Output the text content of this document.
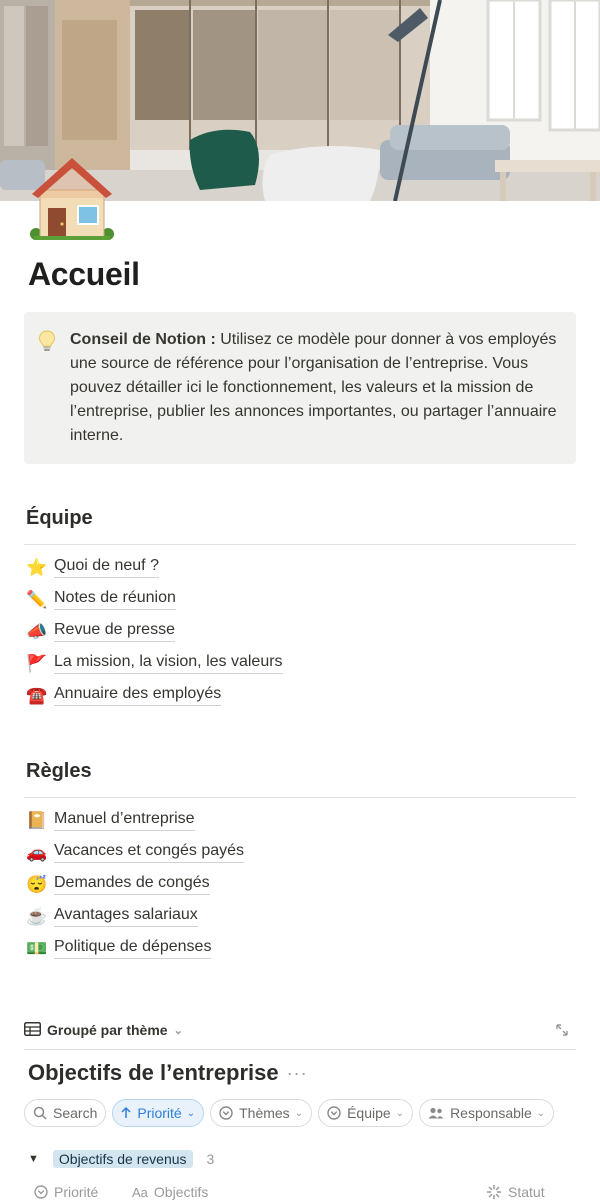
Accueil

Conseil de Notion : Utilisez ce modèle pour donner à vos employés une source de référence pour l’organisation de l’entreprise. Vous pouvez détailler ici le fonctionnement, les valeurs et la mission de l’entreprise, publier les annonces importantes, ou partager l’annuaire interne.

Équipe
⭐ Quoi de neuf ?
✏️ Notes de réunion
📣 Revue de presse
🚩 La mission, la vision, les valeurs
☎️ Annuaire des employés
Règles
📔 Manuel d’entreprise
🚗 Vacances et congés payés
😴 Demandes de congés
☕ Avantages salariaux
💵 Politique de dépenses
Groupé par thème ⌄
Objectifs de l’entreprise ···
Search	Priorité ⌄	Thèmes ⌄	Équipe ⌄	Responsable ⌄
▼	Objectifs de revenus	3
Priorité	Aa Objectifs	Statut
